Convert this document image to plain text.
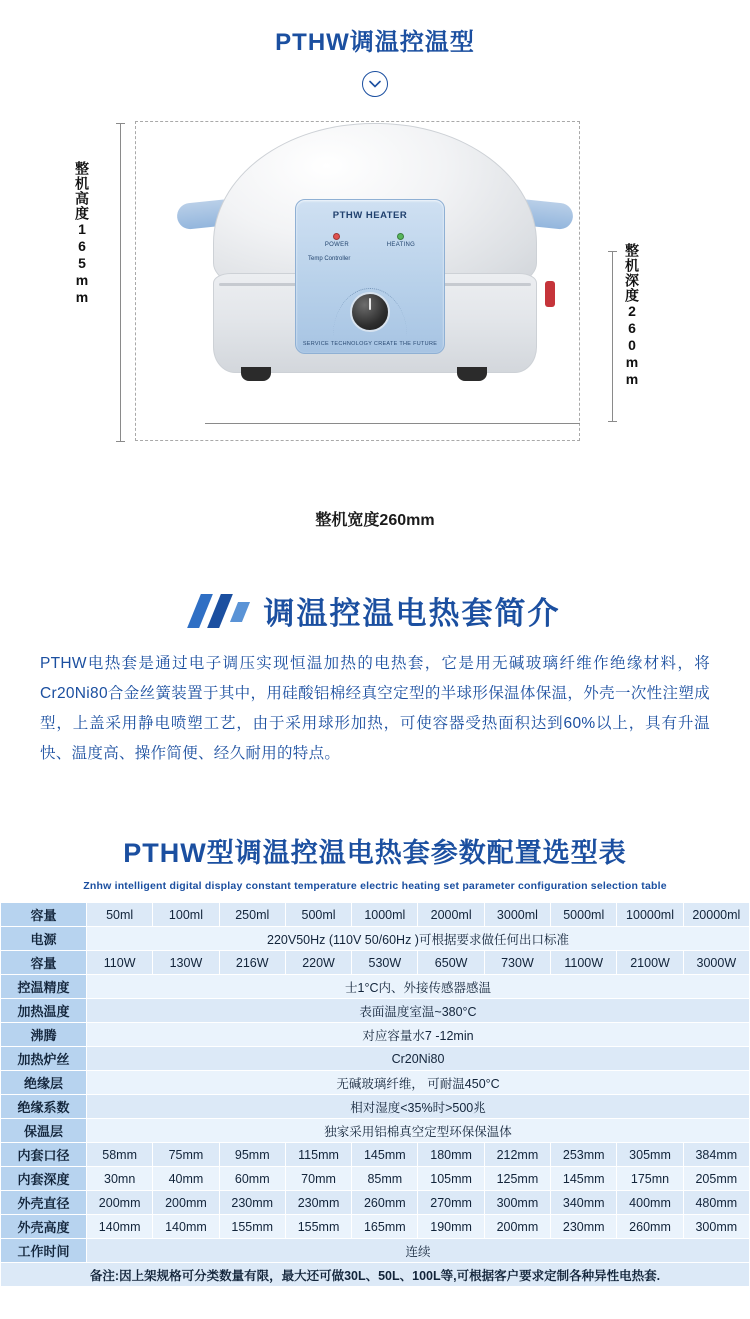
PTHW调温控温型
整机高度165mm
整机深度260mm
PTHW HEATER
POWER	HEATING
Temp Controller
SERVICE TECHNOLOGY CREATE THE FUTURE
整机宽度260mm
调温控温电热套简介
PTHW电热套是通过电子调压实现恒温加热的电热套，它是用无碱玻璃纤维作绝缘材料，将Cr20Ni80合金丝簧装置于其中，用硅酸铝棉经真空定型的半球形保温体保温，外壳一次性注塑成型，上盖采用静电喷塑工艺，由于采用球形加热，可使容器受热面积达到60%以上，具有升温快、温度高、操作简便、经久耐用的特点。
PTHW型调温控温电热套参数配置选型表
Znhw intelligent digital display constant temperature electric heating set parameter configuration selection table
容量	50ml	100ml	250ml	500ml	1000ml	2000ml	3000ml	5000ml	10000ml	20000ml
电源	220V50Hz (110V 50/60Hz )可根据要求做任何出口标准									
容量	110W	130W	216W	220W	530W	650W	730W	1100W	2100W	3000W
控温精度	士1°C内、外接传感器感温									
加热温度	表面温度室温~380°C									
沸腾	对应容量水7 -12min									
加热炉丝	Cr20Ni80									
绝缘层	无碱玻璃纤维， 可耐温450°C									
绝缘系数	相对湿度<35%时>500兆									
保温层	独家采用铝棉真空定型环保保温体									
内套口径	58mm	75mm	95mm	115mm	145mm	180mm	212mm	253mm	305mm	384mm
内套深度	30mn	40mm	60mm	70mm	85mm	105mm	125mm	145mm	175mn	205mm
外壳直径	200mm	200mm	230mm	230mm	260mm	270mm	300mm	340mm	400mm	480mm
外壳高度	140mm	140mm	155mm	155mm	165mm	190mm	200mm	230mm	260mm	300mm
工作时间	连续									
备注:因上架规格可分类数量有限，最大还可做30L、50L、100L等,可根据客户要求定制各种异性电热套.										
